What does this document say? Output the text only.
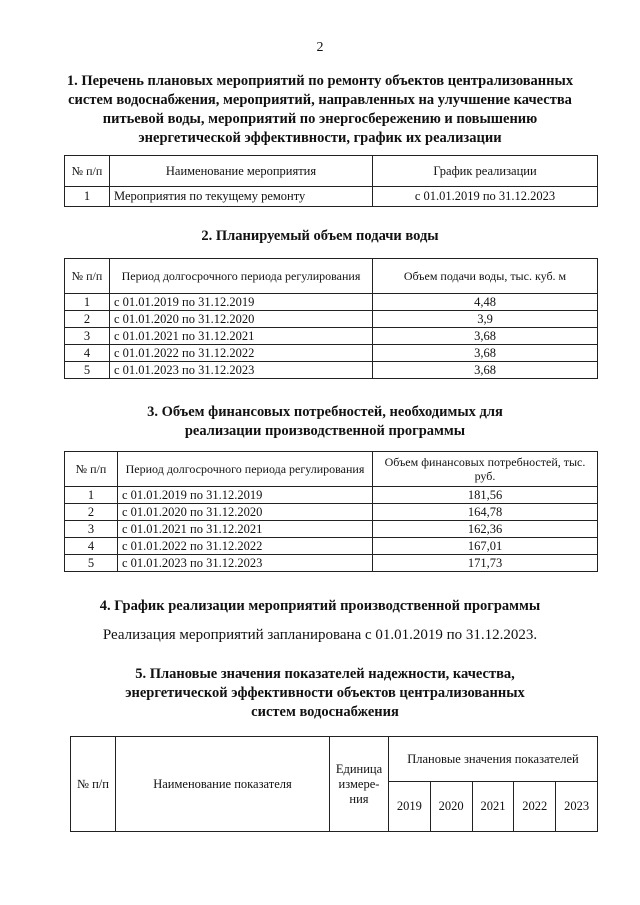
2
1. Перечень плановых мероприятий по ремонту объектов централизованных систем водоснабжения, мероприятий, направленных на улучшение качества питьевой воды, мероприятий по энергосбережению и повышению энергетической эффективности, график их реализации
№ п/п	Наименование мероприятия	График реализации
1	Мероприятия по текущему ремонту	с 01.01.2019 по 31.12.2023
2. Планируемый объем подачи воды
№ п/п	Период долгосрочного периода регулирования	Объем подачи воды, тыс. куб. м
1	с 01.01.2019 по 31.12.2019	4,48
2	с 01.01.2020 по 31.12.2020	3,9
3	с 01.01.2021 по 31.12.2021	3,68
4	с 01.01.2022 по 31.12.2022	3,68
5	с 01.01.2023 по 31.12.2023	3,68
3. Объем финансовых потребностей, необходимых для реализации производственной программы
№ п/п	Период долгосрочного периода регулирования	Объем финансовых потребностей, тыс. руб.
1	с 01.01.2019 по 31.12.2019	181,56
2	с 01.01.2020 по 31.12.2020	164,78
3	с 01.01.2021 по 31.12.2021	162,36
4	с 01.01.2022 по 31.12.2022	167,01
5	с 01.01.2023 по 31.12.2023	171,73
4. График реализации мероприятий производственной программы
Реализация мероприятий запланирована с 01.01.2019 по 31.12.2023.
5. Плановые значения показателей надежности, качества, энергетической эффективности объектов централизованных систем водоснабжения
№ п/п	Наименование показателя	Единица измерения	Плановые значения показателей				
			2019	2020	2021	2022	2023
